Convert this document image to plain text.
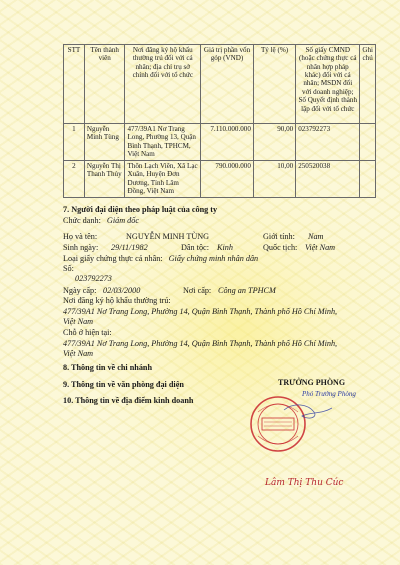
STT	Tên thành viên	Nơi đăng ký hộ khẩu thường trú đối với cá nhân; địa chỉ trụ sở chính đối với tổ chức	Giá trị phần vốn góp (VND)	Tỷ lệ (%)	Số giấy CMND (hoặc chứng thực cá nhân hợp pháp khác) đối với cá nhân; MSDN đối với doanh nghiệp; Số Quyết định thành lập đối với tổ chức	Ghi chú
1	Nguyễn Minh Tùng	477/39A1 Nơ Trang Long, Phường 13, Quận Bình Thạnh, TPHCM, Việt Nam	7.110.000.000	90,00	023792273	
2	Nguyễn Thị Thanh Thủy	Thôn Lạch Viên, Xã Lạc Xuân, Huyện Đơn Dương, Tỉnh Lâm Đồng, Việt Nam	790.000.000	10,00	250520038	
7. Người đại diện theo pháp luật của công ty
Chức danh: Giám đốc
Họ và tên:	NGUYỄN MINH TÙNG	Giới tính: Nam
Sinh ngày: 29/11/1982	Dân tộc: Kinh	Quốc tịch: Việt Nam
Loại giấy chứng thực cá nhân: Giấy chứng minh nhân dân
Số:
023792273
Ngày cấp: 02/03/2000	Nơi cấp: Công an TPHCM
Nơi đăng ký hộ khẩu thường trú:
477/39A1 Nơ Trang Long, Phường 14, Quận Bình Thạnh, Thành phố Hồ Chí Minh,
Việt Nam
Chỗ ở hiện tại:
477/39A1 Nơ Trang Long, Phường 14, Quận Bình Thạnh, Thành phố Hồ Chí Minh,
Việt Nam
8. Thông tin về chi nhánh
9. Thông tin về văn phòng đại diện
10. Thông tin về địa điểm kinh doanh
TRƯỞNG PHÒNG
Phó Trưởng Phòng
Lâm Thị Thu Cúc
